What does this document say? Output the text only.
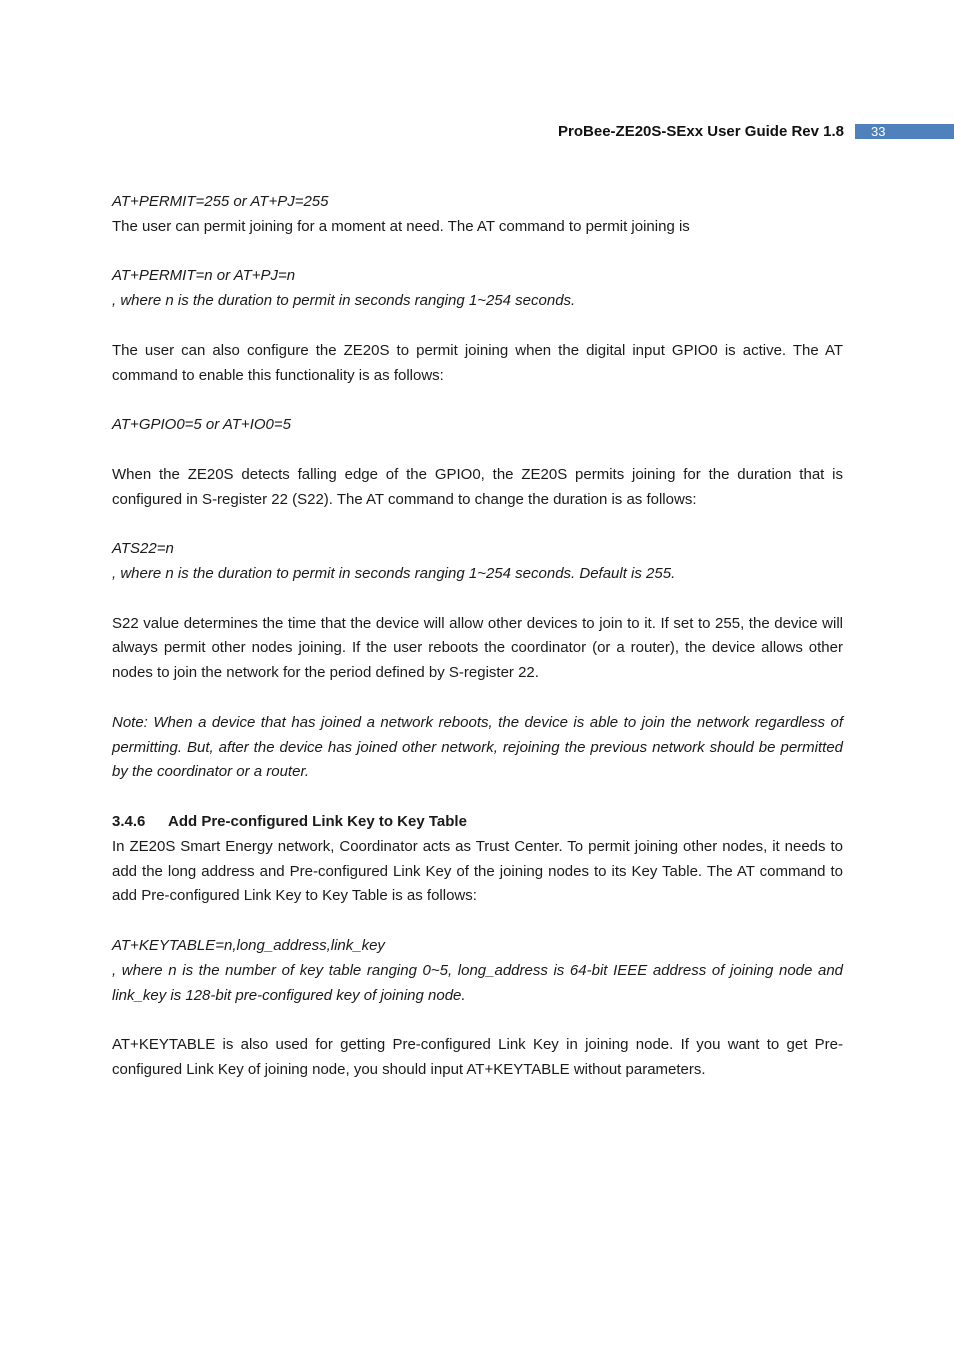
ProBee-ZE20S-SExx User Guide Rev 1.8	33

AT+PERMIT=255 or AT+PJ=255

The user can permit joining for a moment at need. The AT command to permit joining is

AT+PERMIT=n or AT+PJ=n

, where n is the duration to permit in seconds ranging 1~254 seconds.

The user can also configure the ZE20S to permit joining when the digital input GPIO0 is active. The AT command to enable this functionality is as follows:

AT+GPIO0=5 or AT+IO0=5

When the ZE20S detects falling edge of the GPIO0, the ZE20S permits joining for the duration that is configured in S-register 22 (S22). The AT command to change the duration is as follows:

ATS22=n

, where n is the duration to permit in seconds ranging 1~254 seconds. Default is 255.

S22 value determines the time that the device will allow other devices to join to it. If set to 255, the device will always permit other nodes joining. If the user reboots the coordinator (or a router), the device allows other nodes to join the network for the period defined by S-register 22.

Note: When a device that has joined a network reboots, the device is able to join the network regardless of permitting. But, after the device has joined other network, rejoining the previous network should be permitted by the coordinator or a router.

3.4.6	Add Pre-configured Link Key to Key Table

In ZE20S Smart Energy network, Coordinator acts as Trust Center. To permit joining other nodes, it needs to add the long address and Pre-configured Link Key of the joining nodes to its Key Table. The AT command to add Pre-configured Link Key to Key Table is as follows:

AT+KEYTABLE=n,long_address,link_key

, where n is the number of key table ranging 0~5, long_address is 64-bit IEEE address of joining node and link_key is 128-bit pre-configured key of joining node.

AT+KEYTABLE is also used for getting Pre-configured Link Key in joining node. If you want to get Pre-configured Link Key of joining node, you should input AT+KEYTABLE without parameters.
